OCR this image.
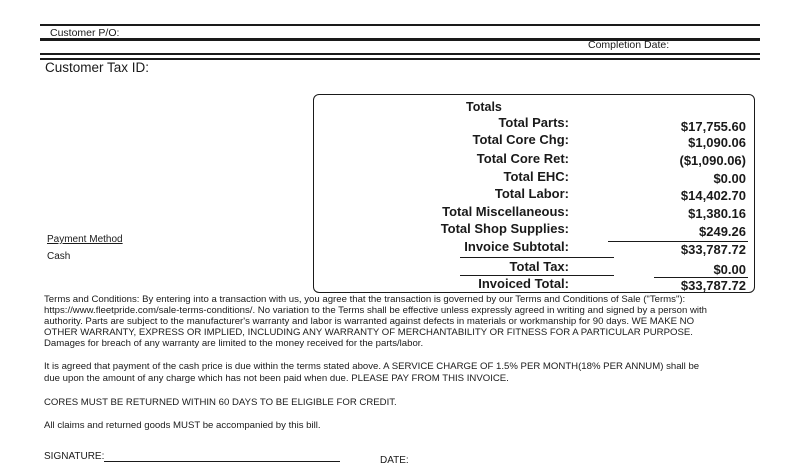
Customer P/O:
Completion Date:
Customer Tax ID:
Payment Method
Cash
Totals
Total Parts:	$17,755.60
Total Core Chg:	$1,090.06
Total Core Ret:	($1,090.06)
Total EHC:	$0.00
Total Labor:	$14,402.70
Total Miscellaneous:	$1,380.16
Total Shop Supplies:	$249.26
Invoice Subtotal:	$33,787.72
Total Tax:	$0.00
Invoiced Total:	$33,787.72
Terms and Conditions: By entering into a transaction with us, you agree that the transaction is governed by our Terms and Conditions of Sale ("Terms"):
https://www.fleetpride.com/sale-terms-conditions/. No variation to the Terms shall be effective unless expressly agreed in writing and signed by a person with
authority. Parts are subject to the manufacturer's warranty and labor is warranted against defects in materials or workmanship for 90 days. WE MAKE NO
OTHER WARRANTY, EXPRESS OR IMPLIED, INCLUDING ANY WARRANTY OF MERCHANTABILITY OR FITNESS FOR A PARTICULAR PURPOSE.
Damages for breach of any warranty are limited to the money received for the parts/labor.
It is agreed that payment of the cash price is due within the terms stated above. A SERVICE CHARGE OF 1.5% PER MONTH(18% PER ANNUM) shall be
due upon the amount of any charge which has not been paid when due. PLEASE PAY FROM THIS INVOICE.
CORES MUST BE RETURNED WITHIN 60 DAYS TO BE ELIGIBLE FOR CREDIT.
All claims and returned goods MUST be accompanied by this bill.
SIGNATURE:	DATE:
